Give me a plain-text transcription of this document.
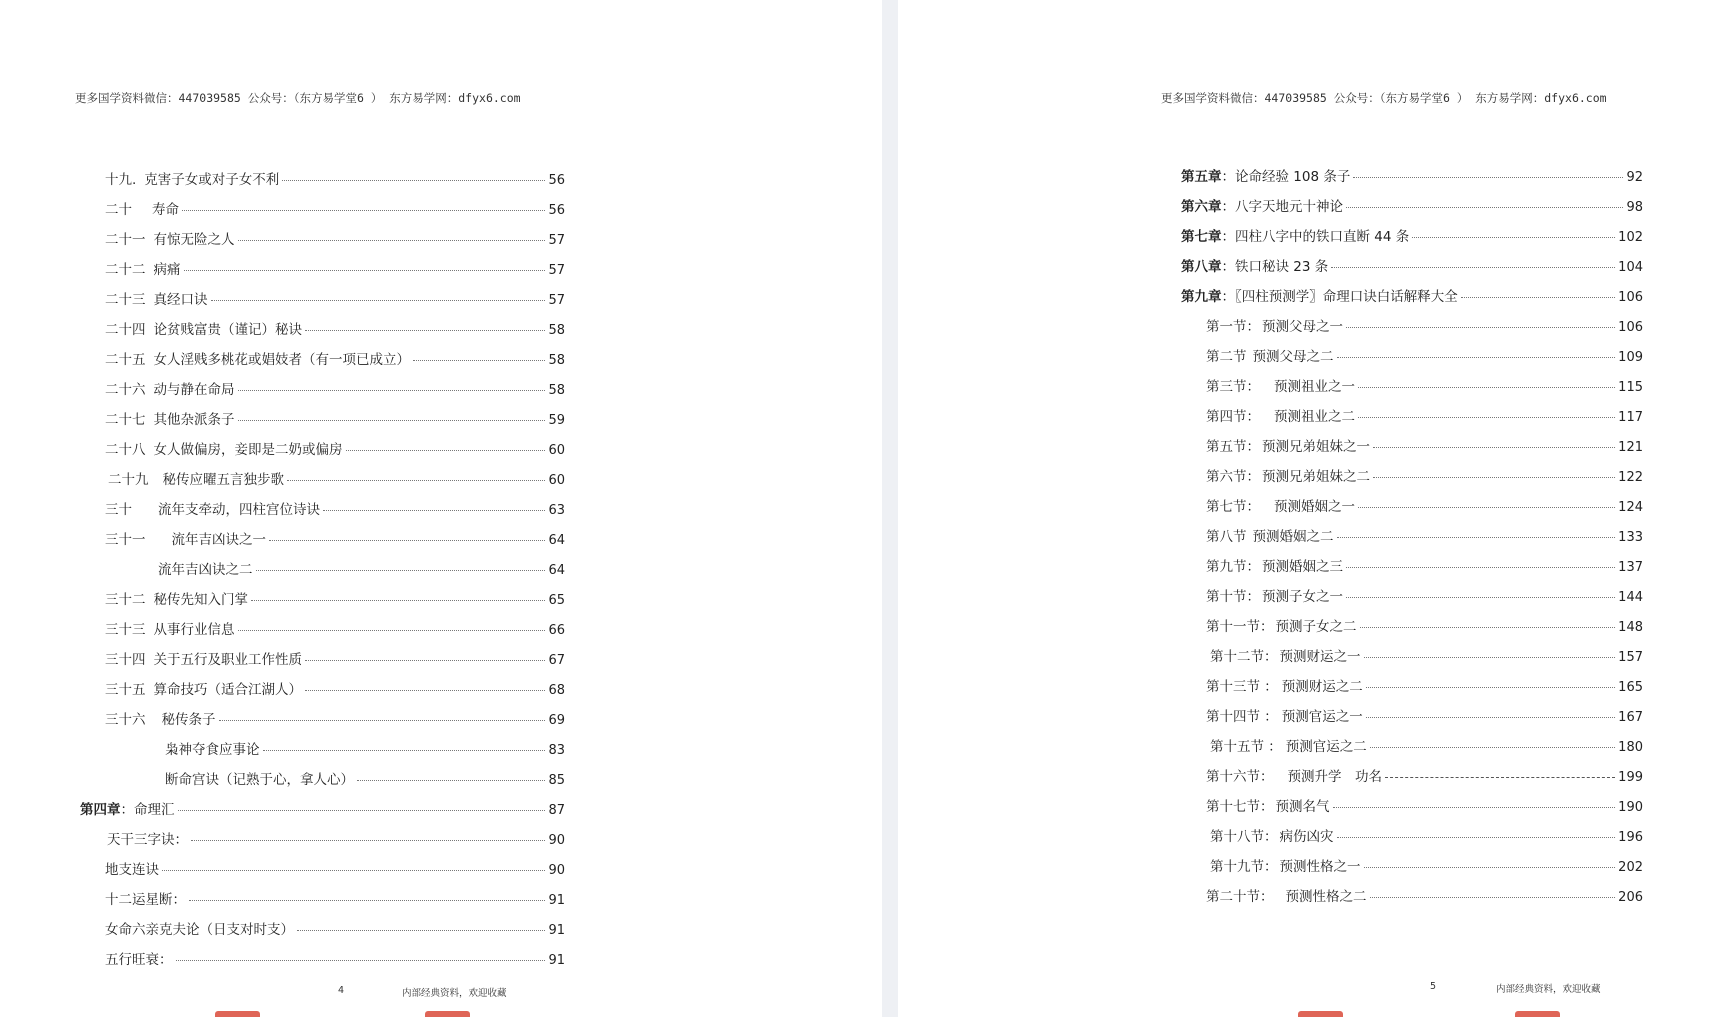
更多国学资料微信：447039585 公众号：（东方易学堂6 ） 东方易学网：dfyx6.com
十九. 克害子女或对子女不利	56
二十 寿命	56
二十一 有惊无险之人	57
二十二 病痛	57
二十三 真经口诀	57
二十四 论贫贱富贵（谨记）秘诀	58
二十五 女人淫贱多桃花或娼妓者（有一项已成立）	58
二十六 动与静在命局	58
二十七 其他杂派条子	59
二十八 女人做偏房，妾即是二奶或偏房	60
二十九 秘传应曜五言独步歌	60
三十 流年支牵动，四柱宫位诗诀	63
三十一 流年吉凶诀之一	64
流年吉凶诀之二	64
三十二 秘传先知入门掌	65
三十三 从事行业信息	66
三十四 关于五行及职业工作性质	67
三十五 算命技巧（适合江湖人）	68
三十六 秘传条子	69
枭神夺食应事论	83
断命宫诀（记熟于心，拿人心）	85
第四章 ：命理汇	87
天干三字诀：	90
地支连诀	90
十二运星断：	91
女命六亲克夫论（日支对时支）	91
五行旺衰：	91
4	内部经典资料，欢迎收藏
更多国学资料微信：447039585 公众号：（东方易学堂6 ） 东方易学网：dfyx6.com
第五章 ：论命经验 108 条子	92
第六章 ：八字天地元十神论	98
第七章 ：四柱八字中的铁口直断 44 条	102
第八章 ：铁口秘诀 23 条	104
第九章 ：〖四柱预测学〗命理口诀白话解释大全	106
第一节： 预测父母之一	106
第二节 预测父母之二	109
第三节： 预测祖业之一	115
第四节： 预测祖业之二	117
第五节： 预测兄弟姐妹之一	121
第六节： 预测兄弟姐妹之二	122
第七节： 预测婚姻之一	124
第八节 预测婚姻之二	133
第九节： 预测婚姻之三	137
第十节： 预测子女之一	144
第十一节： 预测子女之二	148
第十二节： 预测财运之一	157
第十三节 ： 预测财运之二	165
第十四节 ： 预测官运之一	167
第十五节 ： 预测官运之二	180
第十六节： 预测升学　功名	199
第十七节： 预测名气	190
第十八节： 病伤凶灾	196
第十九节： 预测性格之一	202
第二十节： 预测性格之二	206
5	内部经典资料，欢迎收藏
